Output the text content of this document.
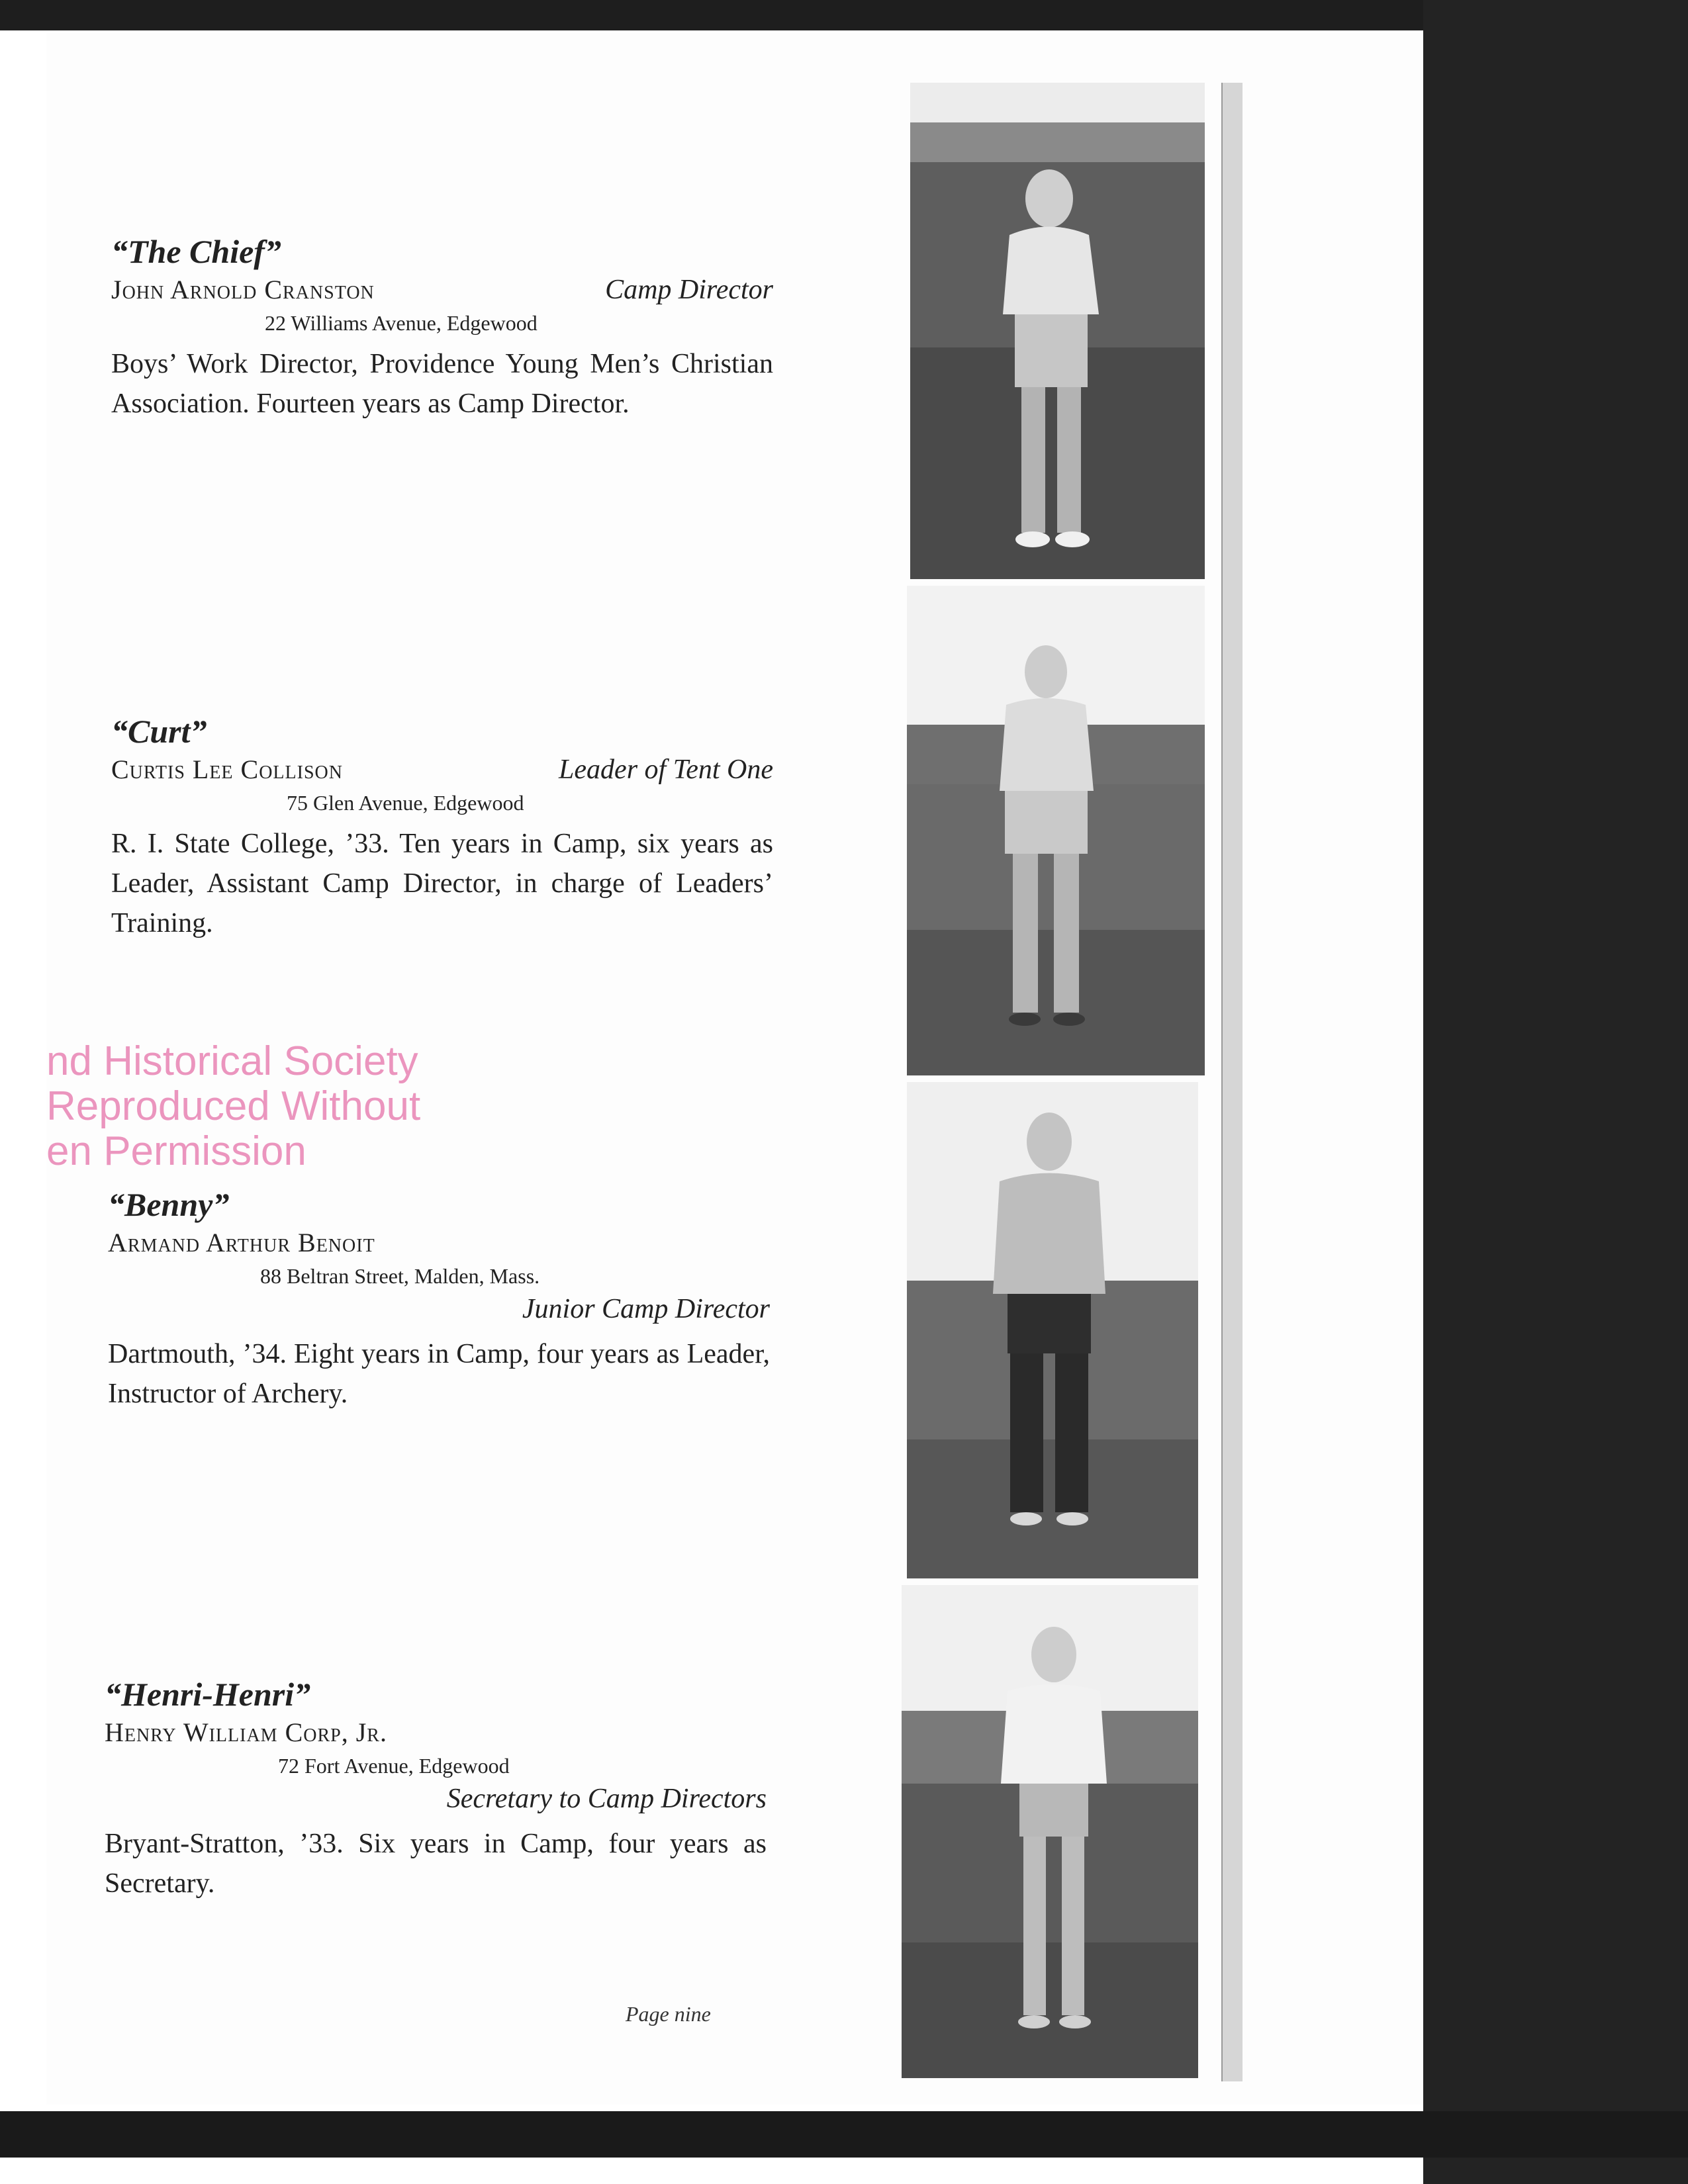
“The Chief”
John Arnold Cranston	Camp Director
22 Williams Avenue, Edgewood
Boys’ Work Director, Providence Young Men’s Christian Association. Fourteen years as Camp Director.
“Curt”
Curtis Lee Collison	Leader of Tent One
75 Glen Avenue, Edgewood
R. I. State College, ’33. Ten years in Camp, six years as Leader, Assistant Camp Director, in charge of Leaders’ Training.
nd Historical Society
Reproduced Without
en Permission
“Benny”
Armand Arthur Benoit
88 Beltran Street, Malden, Mass.
Junior Camp Director
Dartmouth, ’34. Eight years in Camp, four years as Leader, Instructor of Archery.
“Henri-Henri”
Henry William Corp, Jr.
72 Fort Avenue, Edgewood
Secretary to Camp Directors
Bryant-Stratton, ’33. Six years in Camp, four years as Secretary.
Page nine
